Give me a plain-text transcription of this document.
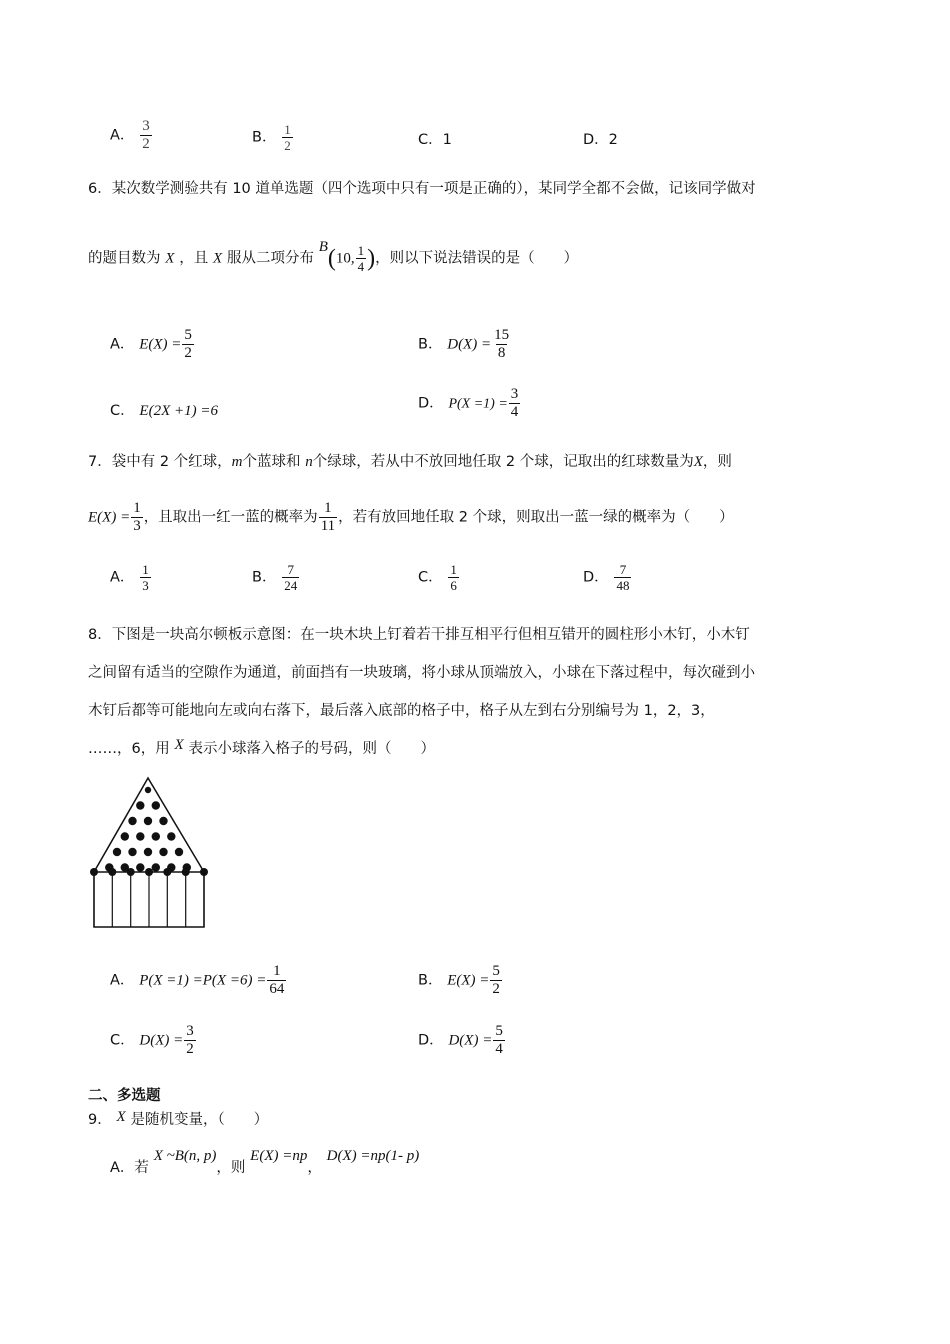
A． $\frac{3}{2}$	B． $\frac{1}{2}$	C．1	D．2
6．某次数学测验共有 10 道单选题（四个选项中只有一项是正确的），某同学全都不会做，记该同学做对
的题目数为 X ，且 X 服从二项分布 B(10, $\frac{1}{4}$ )，则以下说法错误的是（　　）
A． $E(X) = \frac{5}{2}$	B． $D(X) = \frac{15}{8}$
C． E(2X +1) =6	D． $P(X =1) = \frac{3}{4}$
7．袋中有 2 个红球，m个蓝球和 n个绿球，若从中不放回地任取 2 个球，记取出的红球数量为X，则
$E(X) = \frac{1}{3}$ ，且取出一红一蓝的概率为 $\frac{1}{11}$ ，若有放回地任取 2 个球，则取出一蓝一绿的概率为（　　）
A． $\frac{1}{3}$	B． $\frac{7}{24}$	C． $\frac{1}{6}$	D． $\frac{7}{48}$
8．下图是一块高尔顿板示意图：在一块木块上钉着若干排互相平行但相互错开的圆柱形小木钉，小木钉
之间留有适当的空隙作为通道，前面挡有一块玻璃，将小球从顶端放入，小球在下落过程中，每次碰到小
木钉后都等可能地向左或向右落下，最后落入底部的格子中，格子从左到右分别编号为 1，2，3，
……，6，用 X 表示小球落入格子的号码，则（　　）
A． $P(X =1) =P(X =6) = \frac{1}{64}$	B． $E(X) = \frac{5}{2}$
C． $D(X) = \frac{3}{2}$	D． $D(X) = \frac{5}{4}$
二、多选题
9． X 是随机变量，（　　）
A．若 X ~B(n, p)，则 E(X) =np， D(X) =np(1- p)
